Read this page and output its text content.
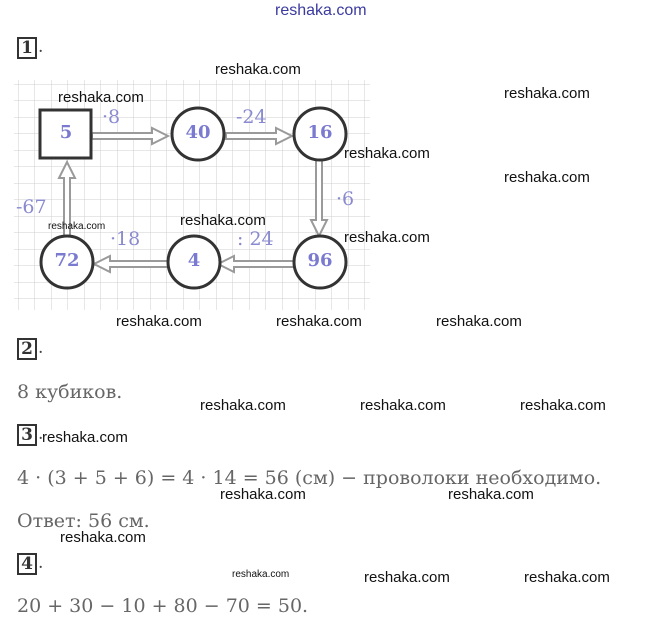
reshaka.com
1 .
5	40	16
96
4
72
·8	-24
·6
: 24
·18
-67
reshaka.com
reshaka.com	reshaka.com
reshaka.com
reshaka.com
reshaka.com
reshaka.com
reshaka.com
reshaka.com	reshaka.com	reshaka.com
2 .
8 кубиков.
reshaka.com	reshaka.com	reshaka.com
3 .
reshaka.com
4 · (3 + 5 + 6) = 4 · 14 = 56 (см) − проволоки необходимо.
reshaka.com	reshaka.com
Ответ: 56 см.
reshaka.com
4 .
reshaka.com	reshaka.com	reshaka.com
20 + 30 − 10 + 80 − 70 = 50.
